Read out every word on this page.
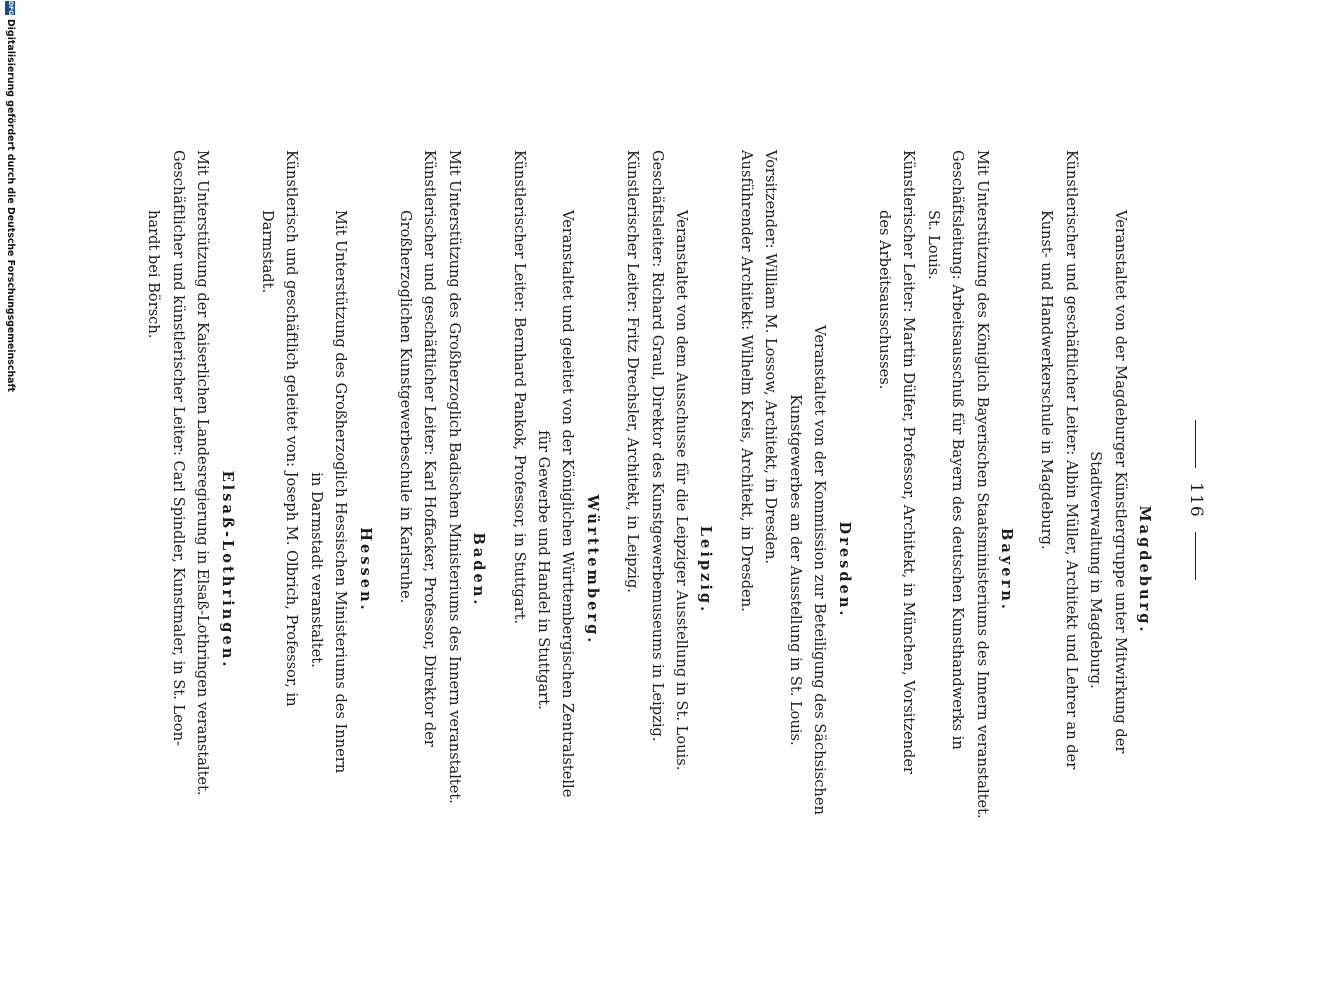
116

Magdeburg.

Veranstaltet von der Magdeburger Künstlergruppe unter Mitwirkung der

Stadtverwaltung in Magdeburg.

Künstlerischer und geschäftlicher Leiter: Albin Müller, Architekt und Lehrer an der

Kunst- und Handwerkerschule in Magdeburg.

Bayern.

Mit Unterstützung des Königlich Bayerischen Staatsministeriums des Innern veranstaltet.

Geschäftsleitung: Arbeitsausschuß für Bayern des deutschen Kunsthandwerks in

St. Louis.

Künstlerischer Leiter: Martin Dülfer, Professor, Architekt, in München, Vorsitzender

des Arbeitsausschusses.

Dresden.

Veranstaltet von der Kommission zur Beteiligung des Sächsischen

Kunstgewerbes an der Ausstellung in St. Louis.

Vorsitzender: William M. Lossow, Architekt, in Dresden.

Ausführender Architekt: Wilhelm Kreis, Architekt, in Dresden.

Leipzig.

Veranstaltet von dem Ausschusse für die Leipziger Ausstellung in St. Louis.

Geschäftsleiter: Richard Graul, Direktor des Kunstgewerbemuseums in Leipzig.

Künstlerischer Leiter: Fritz Drechsler, Architekt, in Leipzig.

Württemberg.

Veranstaltet und geleitet von der Königlichen Württembergischen Zentralstelle

für Gewerbe und Handel in Stuttgart.

Künstlerischer Leiter: Bernhard Pankok, Professor, in Stuttgart.

Baden.

Mit Unterstützung des Großherzoglich Badischen Ministeriums des Innern veranstaltet.

Künstlerischer und geschäftlicher Leiter: Karl Hoffacker, Professor, Direktor der

Großherzoglichen Kunstgewerbeschule in Karlsruhe.

Hessen.

Mit Unterstützung des Großherzoglich Hessischen Ministeriums des Innern

in Darmstadt veranstaltet.

Künstlerisch und geschäftlich geleitet von: Joseph M. Olbrich, Professor, in

Darmstadt.

Elsaß-Lothringen.

Mit Unterstützung der Kaiserlichen Landesregierung in Elsaß-Lothringen veranstaltet.

Geschäftlicher und künstlerischer Leiter: Carl Spindler, Kunstmaler, in St. Leon-

hardt bei Börsch.

DFGDigitalisierung gefördert durch die Deutsche Forschungsgemeinschaft
